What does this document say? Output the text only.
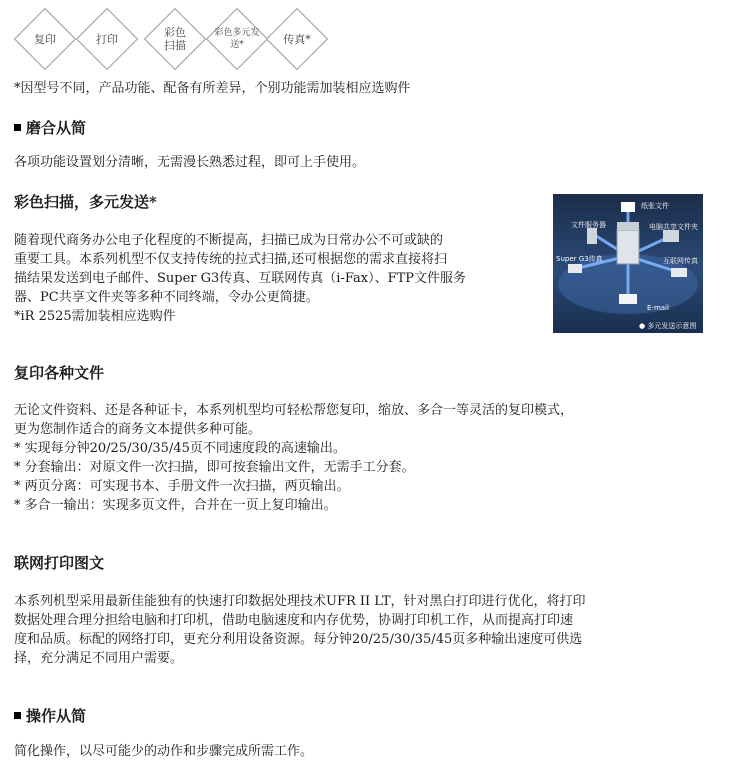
复印	打印	彩色扫描
彩色多元发送*	传真*
*因型号不同，产品功能、配备有所差异，个别功能需加装相应选购件
磨合从简
各项功能设置划分清晰，无需漫长熟悉过程，即可上手使用。
彩色扫描，多元发送*
随着现代商务办公电子化程度的不断提高，扫描已成为日常办公不可或缺的
重要工具。本系列机型不仅支持传统的拉式扫描,还可根据您的需求直接将扫
描结果发送到电子邮件、Super G3传真、互联网传真（i-Fax）、FTP文件服务
器、PC共享文件夹等多种不同终端，令办公更简捷。
*iR 2525需加装相应选购件
纸张文件
文件服务器	电脑共享文件夹
Super G3传真	互联网传真
E-mail
● 多元发送示意图
复印各种文件
无论文件资料、还是各种证卡，本系列机型均可轻松帮您复印，缩放、多合一等灵活的复印模式，
更为您制作适合的商务文本提供多种可能。
* 实现每分钟20/25/30/35/45页不同速度段的高速输出。
* 分套输出：对原文件一次扫描，即可按套输出文件，无需手工分套。
* 两页分离：可实现书本、手册文件一次扫描，两页输出。
* 多合一输出：实现多页文件，合并在一页上复印输出。
联网打印图文
本系列机型采用最新佳能独有的快速打印数据处理技术UFR II LT，针对黑白打印进行优化，将打印
数据处理合理分担给电脑和打印机，借助电脑速度和内存优势，协调打印机工作，从而提高打印速
度和品质。标配的网络打印，更充分利用设备资源。每分钟20/25/30/35/45页多种输出速度可供选
择，充分满足不同用户需要。
操作从简
简化操作，以尽可能少的动作和步骤完成所需工作。
